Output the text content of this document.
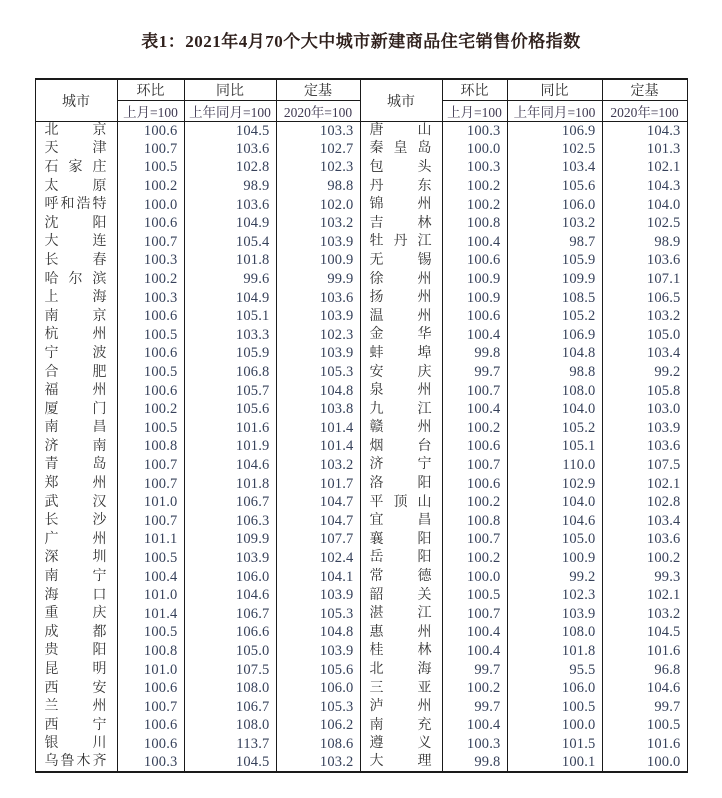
表1：2021年4月70个大中城市新建商品住宅销售价格指数
城市	环比	同比	定基	城市	环比	同比	定基
	上月=100	上年同月=100	2020年=100		上月=100	上年同月=100	2020年=100

北 京	100.6	104.5	103.3	唐 山	100.3	106.9	104.3

天 津	100.7	103.6	102.7	秦 皇 岛	100.0	102.5	101.3

石 家 庄	100.5	102.8	102.3	包 头	100.3	103.4	102.1

太 原	100.2	98.9	98.8	丹 东	100.2	105.6	104.3

呼 和 浩 特	100.0	103.6	102.0	锦 州	100.2	106.0	104.0

沈 阳	100.6	104.9	103.2	吉 林	100.8	103.2	102.5

大 连	100.7	105.4	103.9	牡 丹 江	100.4	98.7	98.9

长 春	100.3	101.8	100.9	无 锡	100.6	105.9	103.6

哈 尔 滨	100.2	99.6	99.9	徐 州	100.9	109.9	107.1

上 海	100.3	104.9	103.6	扬 州	100.9	108.5	106.5

南 京	100.6	105.1	103.9	温 州	100.6	105.2	103.2

杭 州	100.5	103.3	102.3	金 华	100.4	106.9	105.0

宁 波	100.6	105.9	103.9	蚌 埠	99.8	104.8	103.4

合 肥	100.5	106.8	105.3	安 庆	99.7	98.8	99.2

福 州	100.6	105.7	104.8	泉 州	100.7	108.0	105.8

厦 门	100.2	105.6	103.8	九 江	100.4	104.0	103.0

南 昌	100.5	101.6	101.4	赣 州	100.2	105.2	103.9

济 南	100.8	101.9	101.4	烟 台	100.6	105.1	103.6

青 岛	100.7	104.6	103.2	济 宁	100.7	110.0	107.5

郑 州	100.7	101.8	101.7	洛 阳	100.6	102.9	102.1

武 汉	101.0	106.7	104.7	平 顶 山	100.2	104.0	102.8

长 沙	100.7	106.3	104.7	宜 昌	100.8	104.6	103.4

广 州	101.1	109.9	107.7	襄 阳	100.7	105.0	103.6

深 圳	100.5	103.9	102.4	岳 阳	100.2	100.9	100.2

南 宁	100.4	106.0	104.1	常 德	100.0	99.2	99.3

海 口	101.0	104.6	103.9	韶 关	100.5	102.3	102.1

重 庆	101.4	106.7	105.3	湛 江	100.7	103.9	103.2

成 都	100.5	106.6	104.8	惠 州	100.4	108.0	104.5

贵 阳	100.8	105.0	103.9	桂 林	100.4	101.8	101.6

昆 明	101.0	107.5	105.6	北 海	99.7	95.5	96.8

西 安	100.6	108.0	106.0	三 亚	100.2	106.0	104.6

兰 州	100.7	106.7	105.3	泸 州	99.7	100.5	99.7

西 宁	100.6	108.0	106.2	南 充	100.4	100.0	100.5

银 川	100.6	113.7	108.6	遵 义	100.3	101.5	101.6

乌 鲁 木 齐	100.3	104.5	103.2	大 理	99.8	100.1	100.0
